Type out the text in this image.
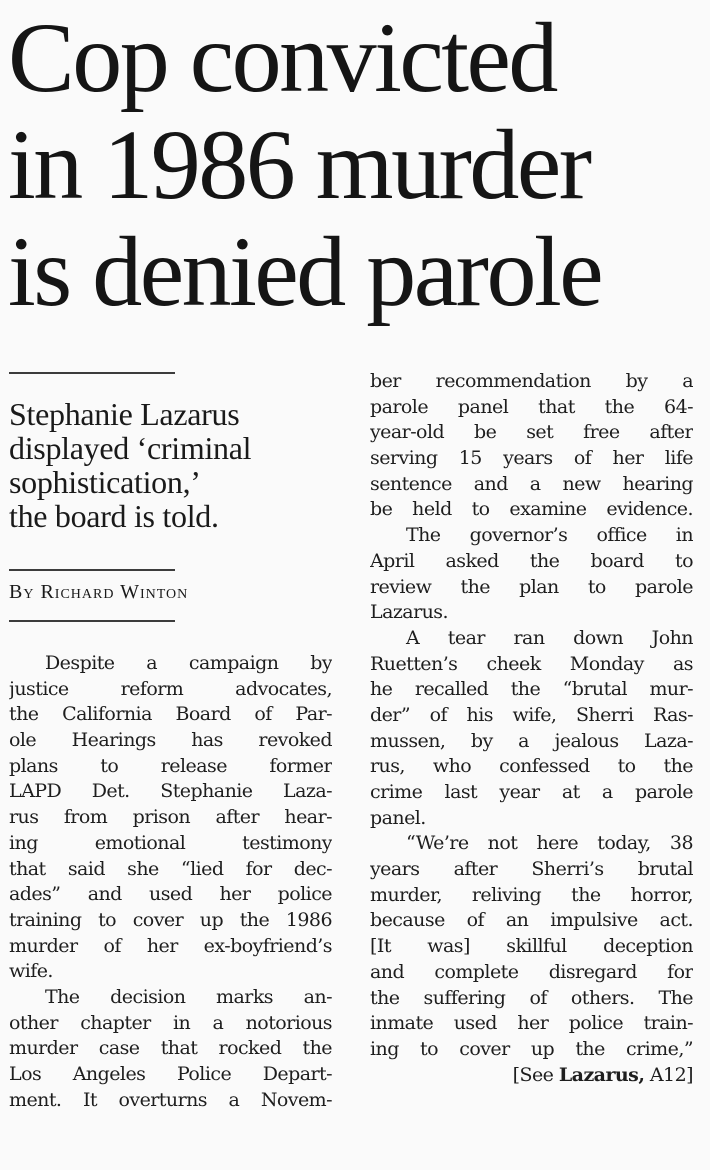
Cop convicted
in 1986 murder
is denied parole
Stephanie Lazarus
displayed ‘criminal
sophistication,’
the board is told.
By Richard Winton
Despite a campaign by
justice reform advocates,
the California Board of Par-
ole Hearings has revoked
plans to release former
LAPD Det. Stephanie Laza-
rus from prison after hear-
ing emotional testimony
that said she “lied for dec-
ades” and used her police
training to cover up the 1986
murder of her ex-boyfriend’s
wife.
The decision marks an-
other chapter in a notorious
murder case that rocked the
Los Angeles Police Depart-
ment. It overturns a Novem-
ber recommendation by a
parole panel that the 64-
year-old be set free after
serving 15 years of her life
sentence and a new hearing
be held to examine evidence.
The governor’s office in
April asked the board to
review the plan to parole
Lazarus.
A tear ran down John
Ruetten’s cheek Monday as
he recalled the “brutal mur-
der” of his wife, Sherri Ras-
mussen, by a jealous Laza-
rus, who confessed to the
crime last year at a parole
panel.
“We’re not here today, 38
years after Sherri’s brutal
murder, reliving the horror,
because of an impulsive act.
[It was] skillful deception
and complete disregard for
the suffering of others. The
inmate used her police train-
ing to cover up the crime,”
[See Lazarus, A12]
